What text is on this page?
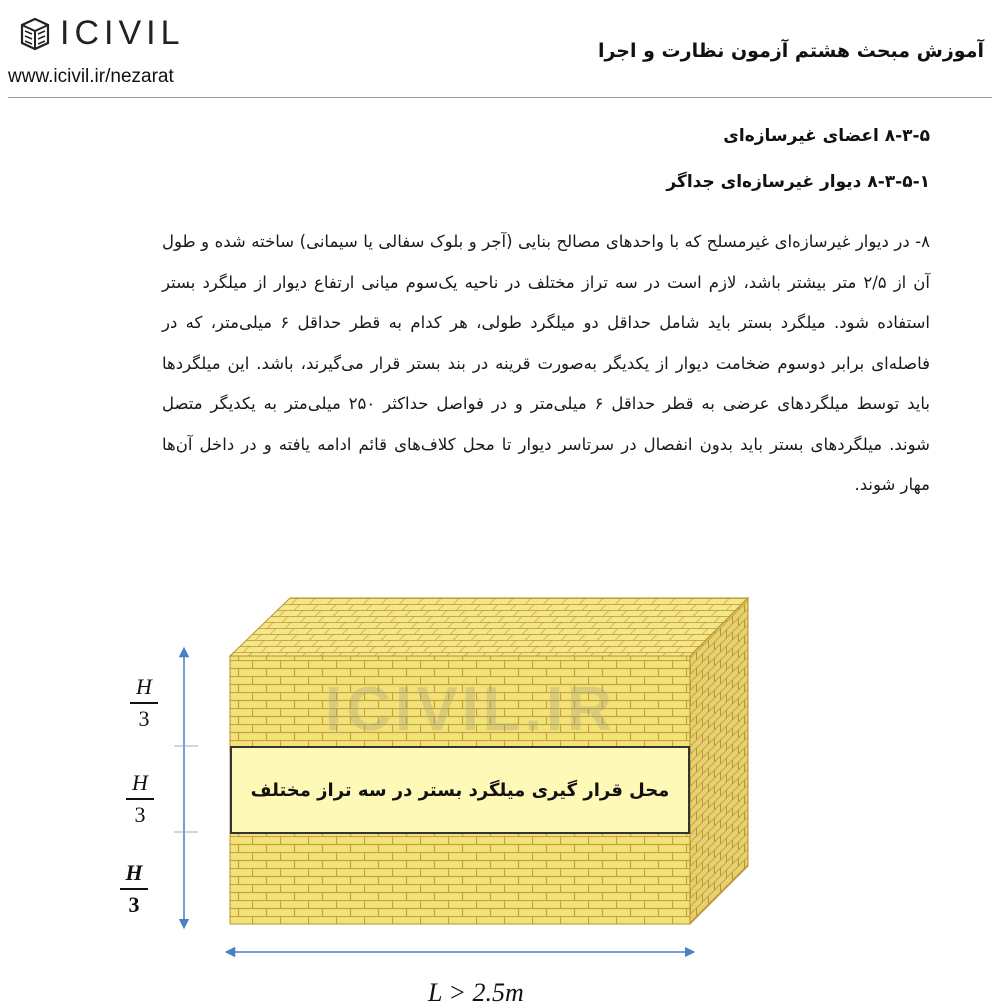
ICIVIL
www.icivil.ir/nezarat
آموزش مبحث هشتم آزمون نظارت و اجرا
۸-۳-۵ اعضای غیرسازه‌ای
۸-۳-۵-۱ دیوار غیرسازه‌ای جداگر
۸- در دیوار غیرسازه‌ای غیرمسلح که با واحدهای مصالح بنایی (آجر و بلوک سفالی یا سیمانی) ساخته شده و طول آن از ۲/۵ متر بیشتر باشد، لازم است در سه تراز مختلف در ناحیه یک‌سوم میانی ارتفاع دیوار از میلگرد بستر استفاده شود. میلگرد بستر باید شامل حداقل دو میلگرد طولی، هر کدام به قطر حداقل ۶ میلی‌متر، که در فاصله‌ای برابر دوسوم ضخامت دیوار از یکدیگر به‌صورت قرینه در بند بستر قرار می‌گیرند، باشد. این میلگردها باید توسط میلگردهای عرضی به قطر حداقل ۶ میلی‌متر و در فواصل حداکثر ۲۵۰ میلی‌متر به یکدیگر متصل شوند. میلگردهای بستر باید بدون انفصال در سرتاسر دیوار تا محل کلاف‌های قائم ادامه یافته و در داخل آن‌ها مهار شوند.
ICIVIL.IR
محل قرار گیری میلگرد بستر در سه تراز مختلف
H
3
H
3
H
3
L > 2.5m
